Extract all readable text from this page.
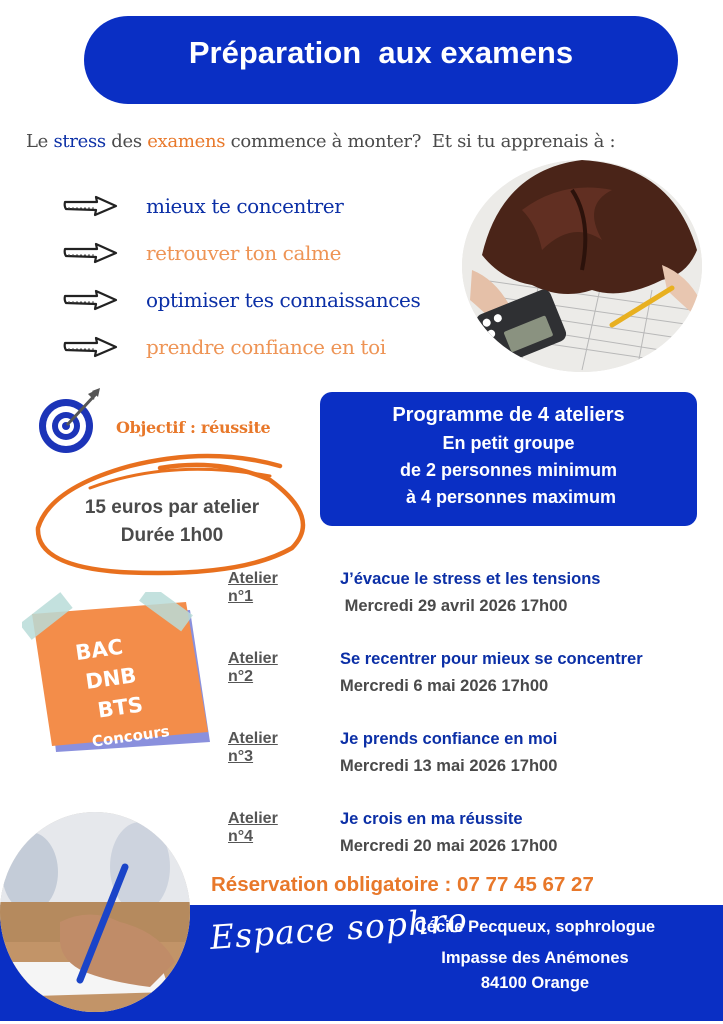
Préparation  aux examens
Le stress des examens commence à monter?  Et si tu apprenais à :
mieux te concentrer
retrouver ton calme
optimiser tes connaissances
prendre confiance en toi
Objectif : réussite
15 euros par atelier
Durée 1h00
Programme de 4 ateliers
En petit groupe
de 2 personnes minimum
à 4 personnes maximum
BAC
DNB
BTS
Concours
Atelier n°1
J’évacue le stress et les tensions
Mercredi 29 avril 2026 17h00
Atelier n°2
Se recentrer pour mieux se concentrer
Mercredi 6 mai 2026 17h00
Atelier n°3
Je prends confiance en moi
Mercredi 13 mai 2026 17h00
Atelier n°4
Je crois en ma réussite
Mercredi 20 mai 2026 17h00
Réservation obligatoire : 07 77 45 67 27
Espace sophro
Cécile Pecqueux, sophrologue
Impasse des Anémones
84100 Orange
